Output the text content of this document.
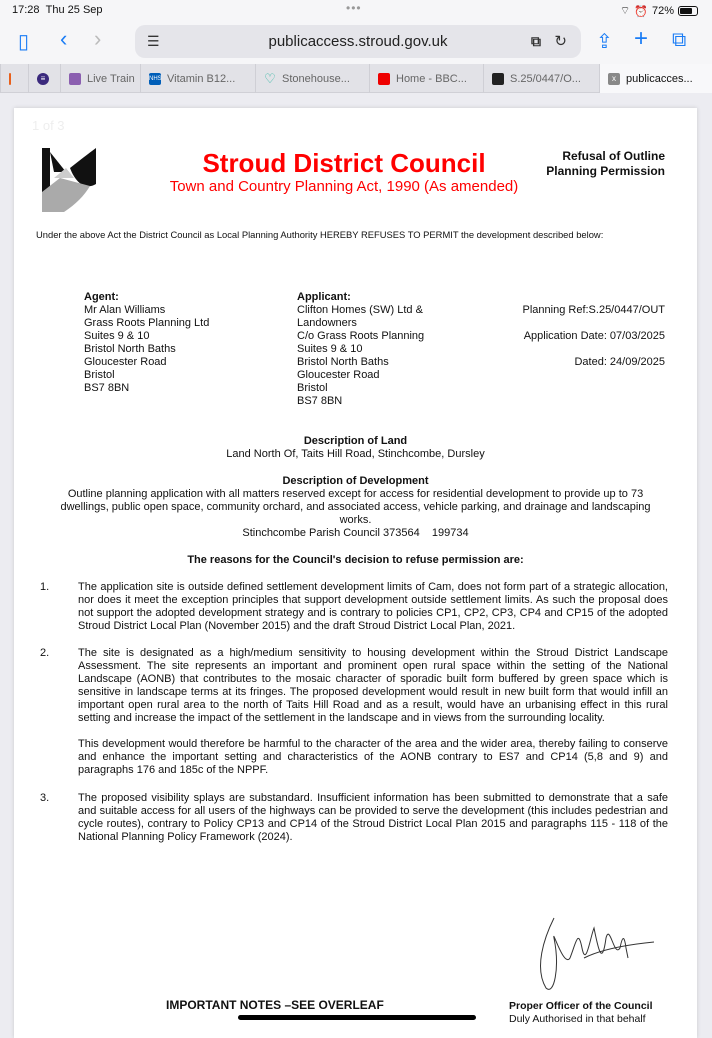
17:28 Thu 25 Sep	•••	⌔ ⏰ 72%
▯ ‹ ›	☰	publicaccess.stroud.gov.uk	⧉ ↻ ⇪ + ⧉
≡	Live Train NHS Vitamin B12... ♡ Stonehouse...	Home - BBC...	S.25/0447/O...	x publicacces...
1 of 3
Stroud District Council

Town and Country Planning Act, 1990 (As amended)

Refusal of Outline Planning Permission
Under the above Act the District Council as Local Planning Authority HEREBY REFUSES TO PERMIT the development described below:
Agent:
Mr Alan Williams
Grass Roots Planning Ltd
Suites 9 & 10
Bristol North Baths
Gloucester Road
Bristol
BS7 8BN
Applicant:
Clifton Homes (SW) Ltd &
Landowners
C/o Grass Roots Planning
Suites 9 & 10
Bristol North Baths
Gloucester Road
Bristol
BS7 8BN

Planning Ref:S.25/0447/OUT

Application Date: 07/03/2025

Dated: 24/09/2025

Description of Land
Land North Of, Taits Hill Road, Stinchcombe, Dursley
Description of Development
Outline planning application with all matters reserved except for access for residential development to provide up to 73 dwellings, public open space, community orchard, and associated access, vehicle parking, and drainage and landscaping works.
Stinchcombe Parish Council 373564    199734
The reasons for the Council's decision to refuse permission are:
1.	The application site is outside defined settlement development limits of Cam, does not form part of a strategic allocation, nor does it meet the exception principles that support development outside settlement limits. As such the proposal does not support the adopted development strategy and is contrary to policies CP1, CP2, CP3, CP4 and CP15 of the adopted Stroud District Local Plan (November 2015) and the draft Stroud District Local Plan, 2021.
2.	The site is designated as a high/medium sensitivity to housing development within the Stroud District Landscape Assessment. The site represents an important and prominent open rural space within the setting of the National Landscape (AONB) that contributes to the mosaic character of sporadic built form buffered by green space which is sensitive in landscape terms at its fringes. The proposed development would result in new built form that would infill an important open rural area to the north of Taits Hill Road and as a result, would have an urbanising effect in this rural setting and increase the impact of the settlement in the landscape and in views from the surrounding locality.
This development would therefore be harmful to the character of the area and the wider area, thereby failing to conserve and enhance the important setting and characteristics of the AONB contrary to ES7 and CP14 (5,8 and 9) and paragraphs 176 and 185c of the NPPF.
3.	The proposed visibility splays are substandard. Insufficient information has been submitted to demonstrate that a safe and suitable access for all users of the highways can be provided to serve the development (this includes pedestrian and cycle routes), contrary to Policy CP13 and CP14 of the Stroud District Local Plan 2015 and paragraphs 115 - 118 of the National Planning Policy Framework (2024).
IMPORTANT NOTES –SEE OVERLEAF	Proper Officer of the Council
Duly Authorised in that behalf
